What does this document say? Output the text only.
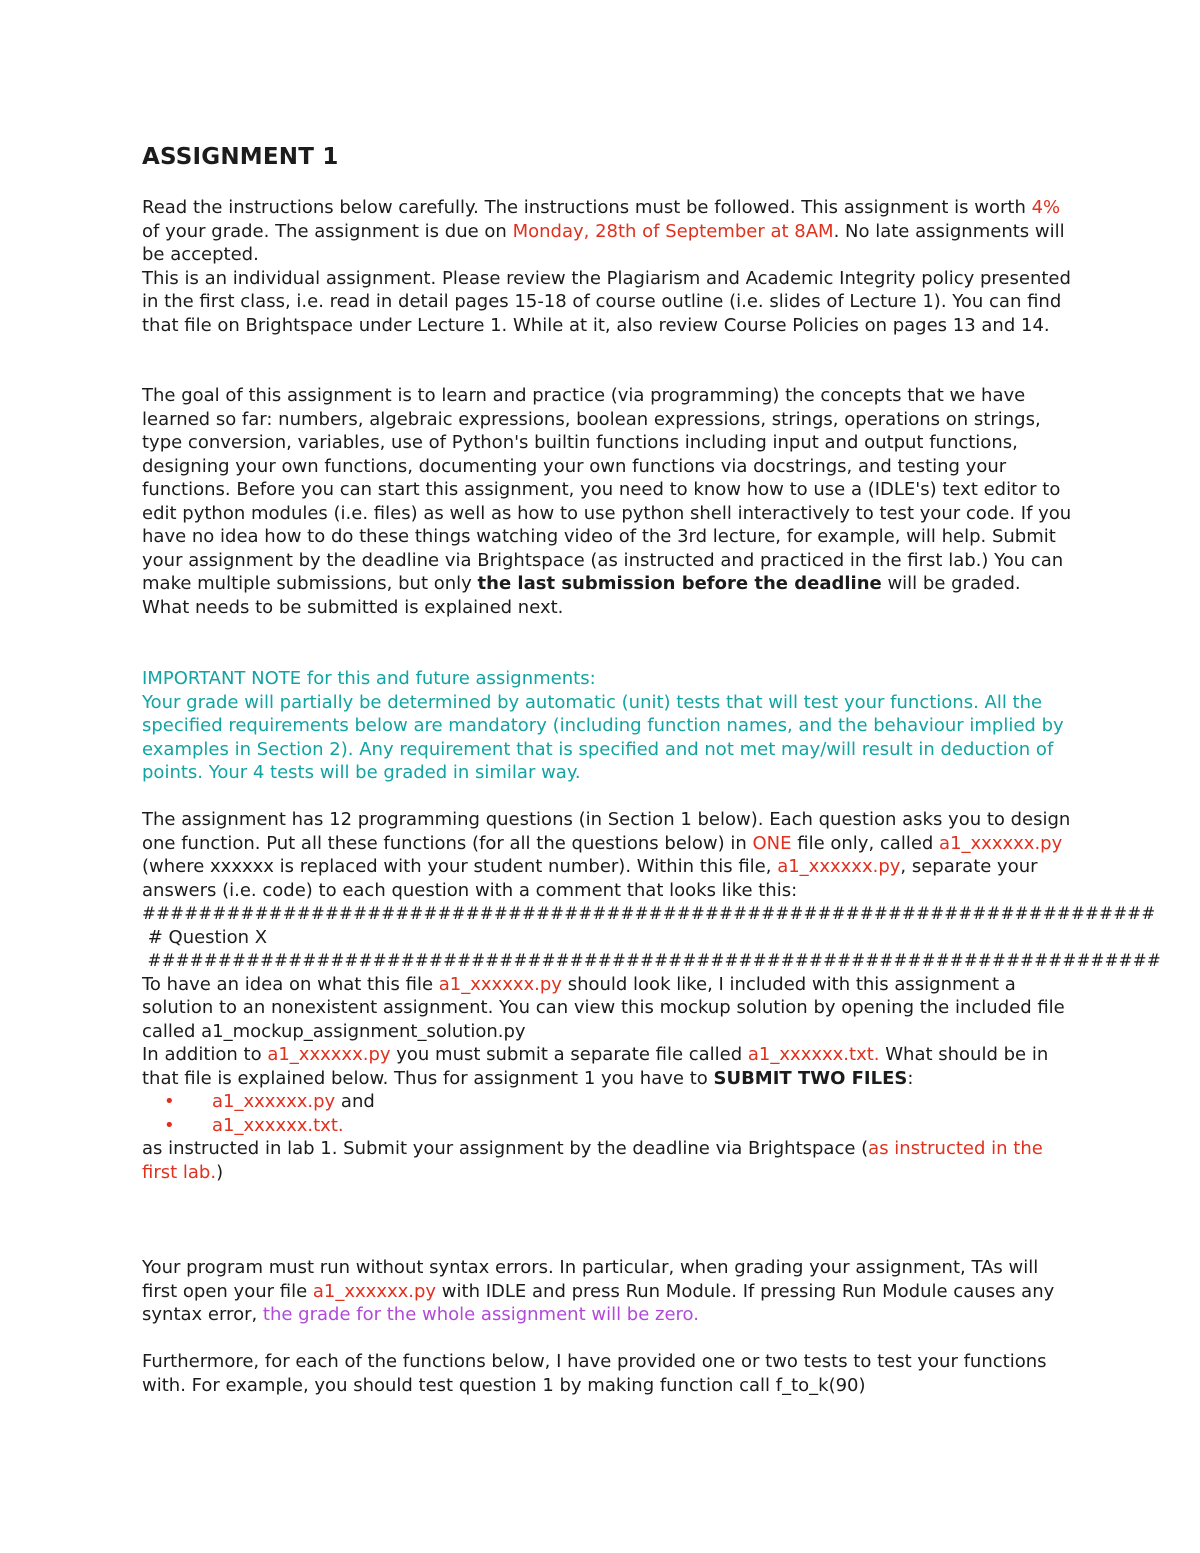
ASSIGNMENT 1

Read the instructions below carefully. The instructions must be followed. This assignment is worth 4% of your grade. The assignment is due on Monday, 28th of September at 8AM. No late assignments will be accepted.

This is an individual assignment. Please review the Plagiarism and Academic Integrity policy presented in the first class, i.e. read in detail pages 15-18 of course outline (i.e. slides of Lecture 1). You can find that file on Brightspace under Lecture 1. While at it, also review Course Policies on pages 13 and 14.

The goal of this assignment is to learn and practice (via programming) the concepts that we have learned so far: numbers, algebraic expressions, boolean expressions, strings, operations on strings, type conversion, variables, use of Python's builtin functions including input and output functions, designing your own functions, documenting your own functions via docstrings, and testing your functions. Before you can start this assignment, you need to know how to use a (IDLE's) text editor to edit python modules (i.e. files) as well as how to use python shell interactively to test your code. If you have no idea how to do these things watching video of the 3rd lecture, for example, will help. Submit your assignment by the deadline via Brightspace (as instructed and practiced in the first lab.) You can make multiple submissions, but only the last submission before the deadline will be graded. What needs to be submitted is explained next.

IMPORTANT NOTE for this and future assignments:

Your grade will partially be determined by automatic (unit) tests that will test your functions. All the specified requirements below are mandatory (including function names, and the behaviour implied by examples in Section 2). Any requirement that is specified and not met may/will result in deduction of points. Your 4 tests will be graded in similar way.

The assignment has 12 programming questions (in Section 1 below). Each question asks you to design one function. Put all these functions (for all the questions below) in ONE file only, called a1_xxxxxx.py (where xxxxxx is replaced with your student number). Within this file, a1_xxxxxx.py, separate your answers (i.e. code) to each question with a comment that looks like this:

########################################################################

# Question X

########################################################################

To have an idea on what this file a1_xxxxxx.py should look like, I included with this assignment a solution to an nonexistent assignment. You can view this mockup solution by opening the included file called a1_mockup_assignment_solution.py

In addition to a1_xxxxxx.py you must submit a separate file called a1_xxxxxx.txt. What should be in that file is explained below. Thus for assignment 1 you have to SUBMIT TWO FILES:

• a1_xxxxxx.py and
• a1_xxxxxx.txt.

as instructed in lab 1. Submit your assignment by the deadline via Brightspace (as instructed in the first lab.)

Your program must run without syntax errors. In particular, when grading your assignment, TAs will first open your file a1_xxxxxx.py with IDLE and press Run Module. If pressing Run Module causes any syntax error, the grade for the whole assignment will be zero.

Furthermore, for each of the functions below, I have provided one or two tests to test your functions with. For example, you should test question 1 by making function call f_to_k(90)
